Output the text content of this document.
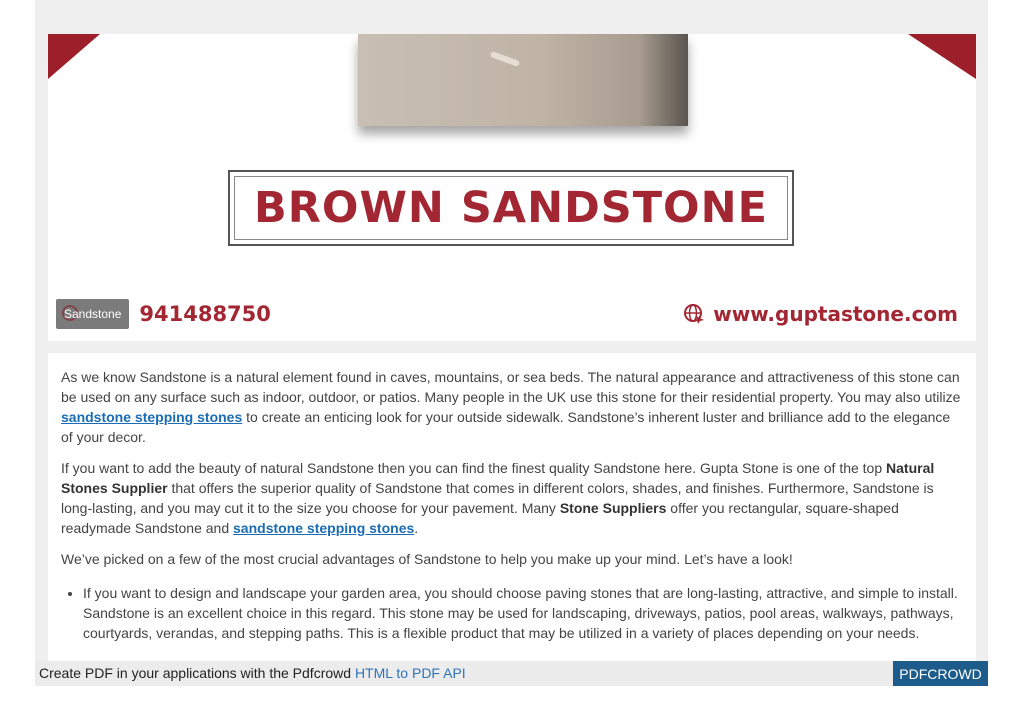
BROWN SANDSTONE
Sandstone 941488750	www.guptastone.com

As we know Sandstone is a natural element found in caves, mountains, or sea beds. The natural appearance and attractiveness of this stone can be used on any surface such as indoor, outdoor, or patios. Many people in the UK use this stone for their residential property. You may also utilize sandstone stepping stones to create an enticing look for your outside sidewalk. Sandstone’s inherent luster and brilliance add to the elegance of your decor.

If you want to add the beauty of natural Sandstone then you can find the finest quality Sandstone here. Gupta Stone is one of the top Natural Stones Supplier that offers the superior quality of Sandstone that comes in different colors, shades, and finishes. Furthermore, Sandstone is long-lasting, and you may cut it to the size you choose for your pavement. Many Stone Suppliers offer you rectangular, square-shaped readymade Sandstone and sandstone stepping stones.

We’ve picked on a few of the most crucial advantages of Sandstone to help you make up your mind. Let’s have a look!

• If you want to design and landscape your garden area, you should choose paving stones that are long-lasting, attractive, and simple to install. Sandstone is an excellent choice in this regard. This stone may be used for landscaping, driveways, patios, pool areas, walkways, pathways, courtyards, verandas, and stepping paths. This is a flexible product that may be utilized in a variety of places depending on your needs.
Create PDF in your applications with the Pdfcrowd HTML to PDF API	PDFCROWD
